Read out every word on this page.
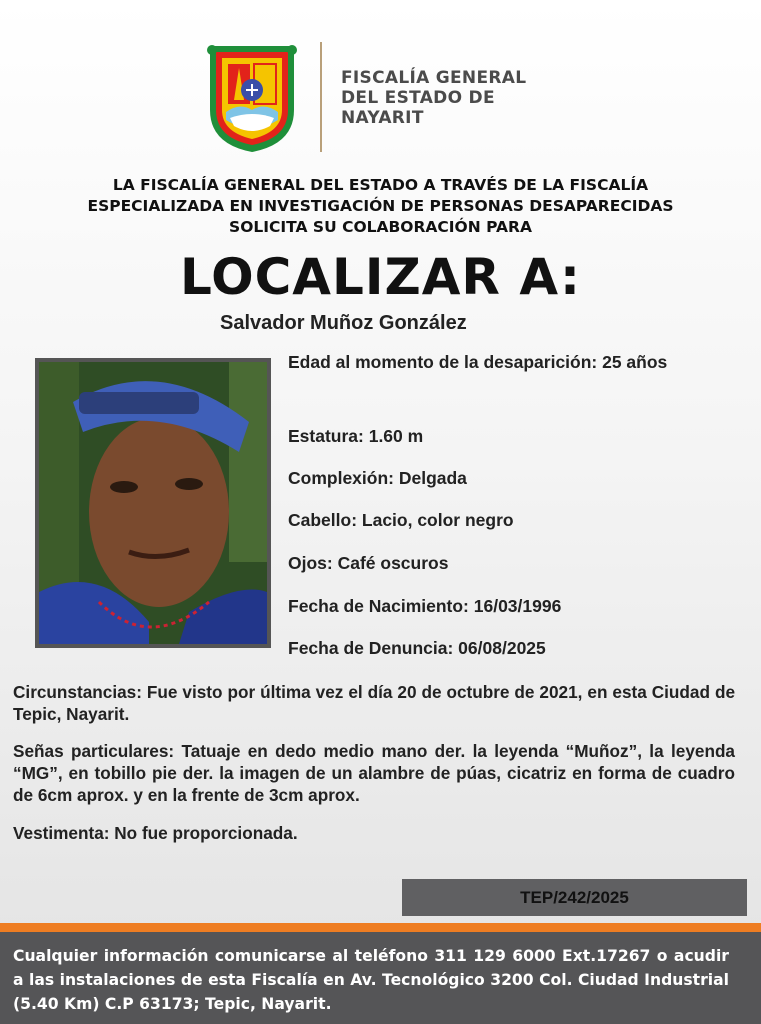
FISCALÍA GENERAL
DEL ESTADO DE
NAYARIT
LA FISCALÍA GENERAL DEL ESTADO A TRAVÉS DE LA FISCALÍA
ESPECIALIZADA EN INVESTIGACIÓN DE PERSONAS DESAPARECIDAS
SOLICITA SU COLABORACIÓN PARA
LOCALIZAR A:
Salvador Muñoz González
Edad al momento de la desaparición: 25 años
Estatura: 1.60 m
Complexión: Delgada
Cabello: Lacio, color negro
Ojos: Café oscuros
Fecha de Nacimiento: 16/03/1996
Fecha de Denuncia: 06/08/2025
Circunstancias: Fue visto por última vez el día 20 de octubre de 2021, en esta Ciudad de Tepic, Nayarit.
Señas particulares: Tatuaje en dedo medio mano der. la leyenda “Muñoz”, la leyenda “MG”, en tobillo pie der. la imagen de un alambre de púas, cicatriz en forma de cuadro de 6cm aprox. y en la frente de 3cm aprox.
Vestimenta: No fue proporcionada.
TEP/242/2025
Cualquier información comunicarse al teléfono 311 129 6000 Ext.17267 o acudir a las instalaciones de esta Fiscalía en Av. Tecnológico 3200 Col. Ciudad Industrial (5.40 Km) C.P 63173; Tepic, Nayarit.
